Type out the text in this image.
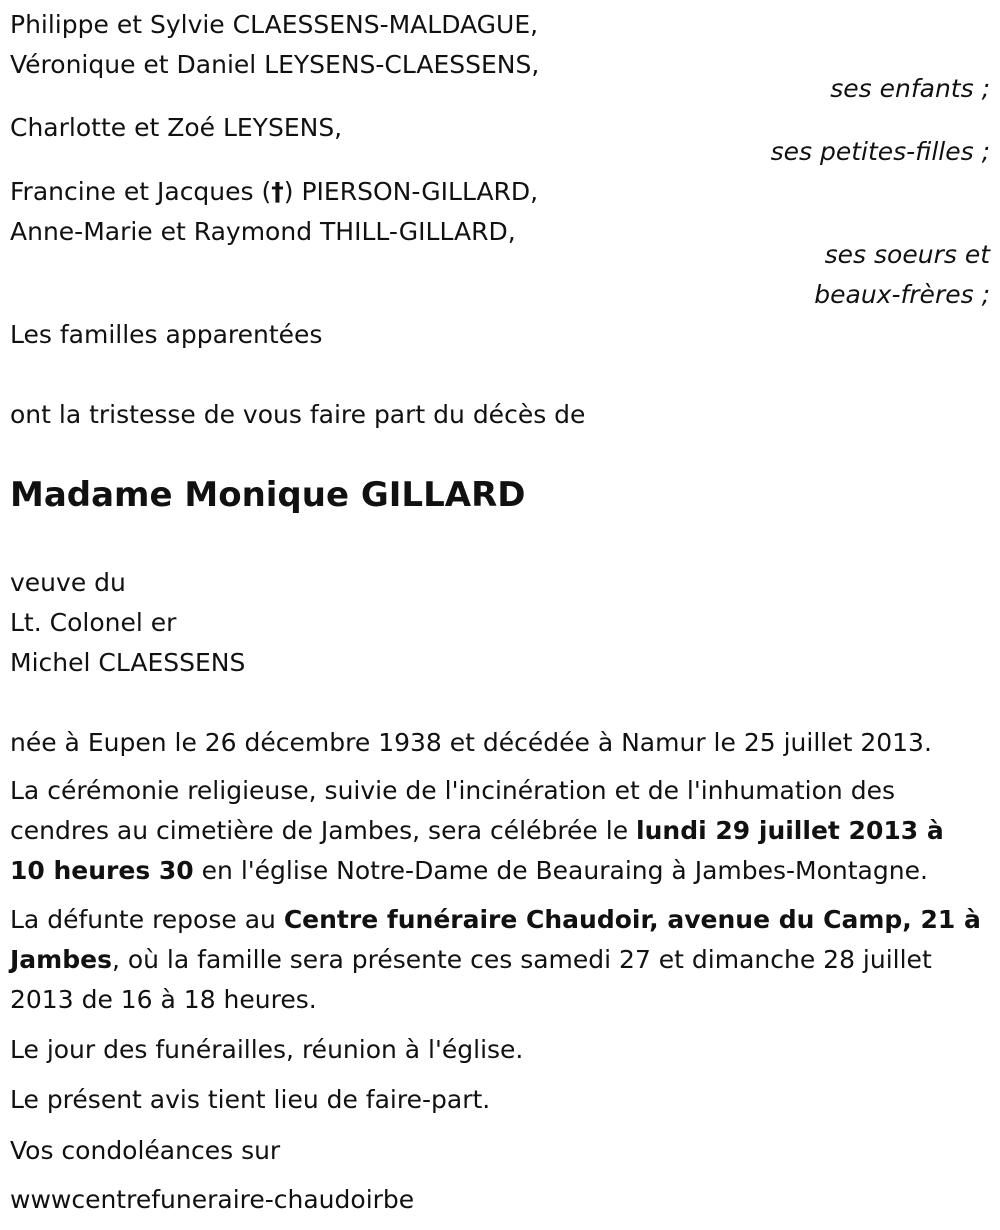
Philippe et Sylvie CLAESSENS-MALDAGUE,
Véronique et Daniel LEYSENS-CLAESSENS,
ses enfants ;
Charlotte et Zoé LEYSENS,
ses petites-filles ;
Francine et Jacques (†) PIERSON-GILLARD,
Anne-Marie et Raymond THILL-GILLARD,
ses soeurs et
beaux-frères ;
Les familles apparentées
ont la tristesse de vous faire part du décès de
Madame Monique GILLARD
veuve du
Lt. Colonel er
Michel CLAESSENS
née à Eupen le 26 décembre 1938 et décédée à Namur le 25 juillet 2013.
La cérémonie religieuse, suivie de l'incinération et de l'inhumation des
cendres au cimetière de Jambes, sera célébrée le lundi 29 juillet 2013 à
10 heures 30 en l'église Notre-Dame de Beauraing à Jambes-Montagne.
La défunte repose au Centre funéraire Chaudoir, avenue du Camp, 21 à
Jambes, où la famille sera présente ces samedi 27 et dimanche 28 juillet
2013 de 16 à 18 heures.
Le jour des funérailles, réunion à l'église.
Le présent avis tient lieu de faire-part.
Vos condoléances sur
wwwcentrefuneraire-chaudoirbe
